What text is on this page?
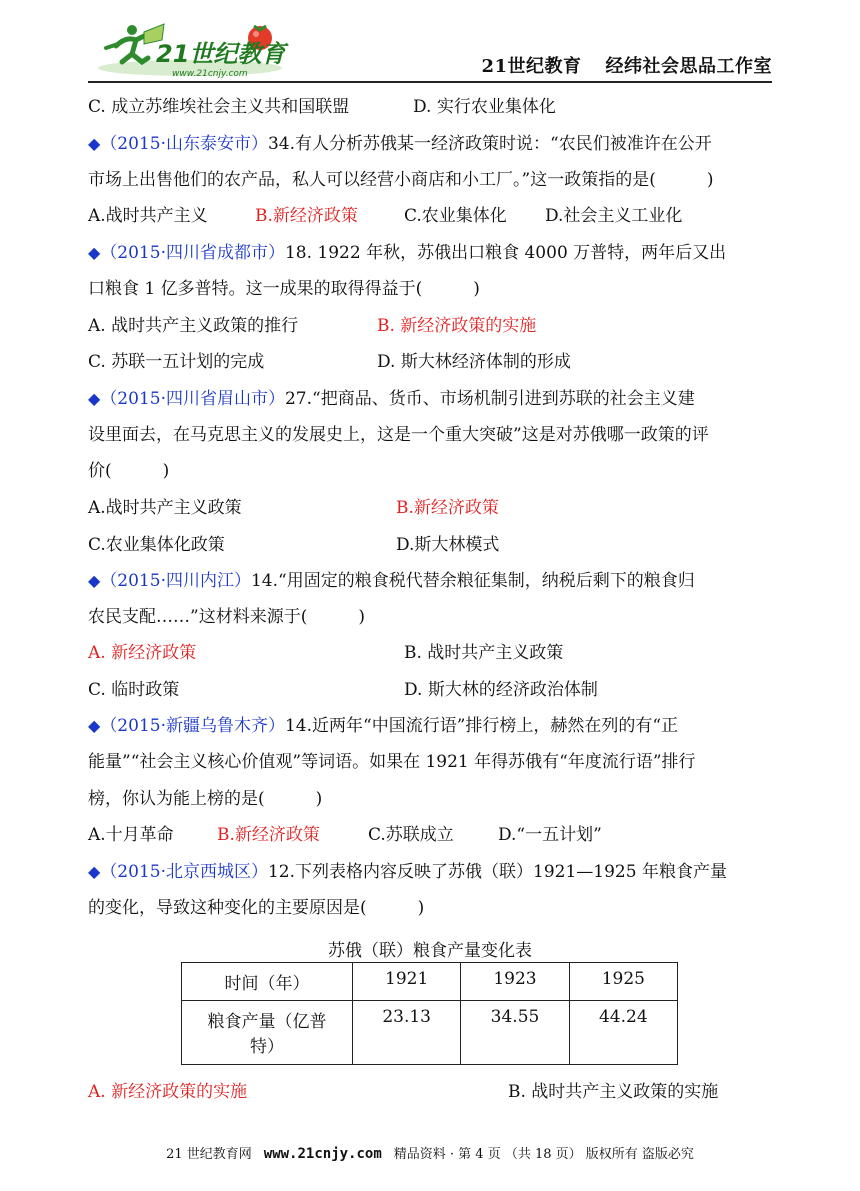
21世纪教育
www.21cnjy.com	21世纪教育 经纬社会思品工作室
C. 成立苏维埃社会主义共和国联盟	D. 实行农业集体化
◆（2015·山东泰安市）34.有人分析苏俄某一经济政策时说：“农民们被准许在公开
市场上出售他们的农产品，私人可以经营小商店和小工厂。”这一政策指的是(　　　)
A.战时共产主义	B.新经济政策	C.农业集体化 D.社会主义工业化
◆（2015·四川省成都市）18. 1922 年秋，苏俄出口粮食 4000 万普特，两年后又出
口粮食 1 亿多普特。这一成果的取得得益于(　　　)
A. 战时共产主义政策的推行	B. 新经济政策的实施
C. 苏联一五计划的完成	D. 斯大林经济体制的形成
◆（2015·四川省眉山市）27.“把商品、货币、市场机制引进到苏联的社会主义建
设里面去，在马克思主义的发展史上，这是一个重大突破”这是对苏俄哪一政策的评
价(　　　)
A.战时共产主义政策	B.新经济政策
C.农业集体化政策	D.斯大林模式
◆（2015·四川内江）14.“用固定的粮食税代替余粮征集制，纳税后剩下的粮食归
农民支配……”这材料来源于(　　　)
A. 新经济政策	B. 战时共产主义政策
C. 临时政策	D. 斯大林的经济政治体制
◆（2015·新疆乌鲁木齐）14.近两年“中国流行语”排行榜上，赫然在列的有“正
能量”“社会主义核心价值观”等词语。如果在 1921 年得苏俄有“年度流行语”排行
榜，你认为能上榜的是(　　　)
A.十月革命	B.新经济政策	C.苏联成立	D.“一五计划”
◆（2015·北京西城区）12.下列表格内容反映了苏俄（联）1921—1925 年粮食产量
的变化，导致这种变化的主要原因是(　　　)
苏俄（联）粮食产量变化表
时间（年）	1921	1923	1925
粮食产量（亿普
特）	23.13	34.55	44.24
A. 新经济政策的实施	B. 战时共产主义政策的实施
21 世纪教育网 www.21cnjy.com 精品资料 · 第 4 页 （共 18 页） 版权所有 盗版必究
